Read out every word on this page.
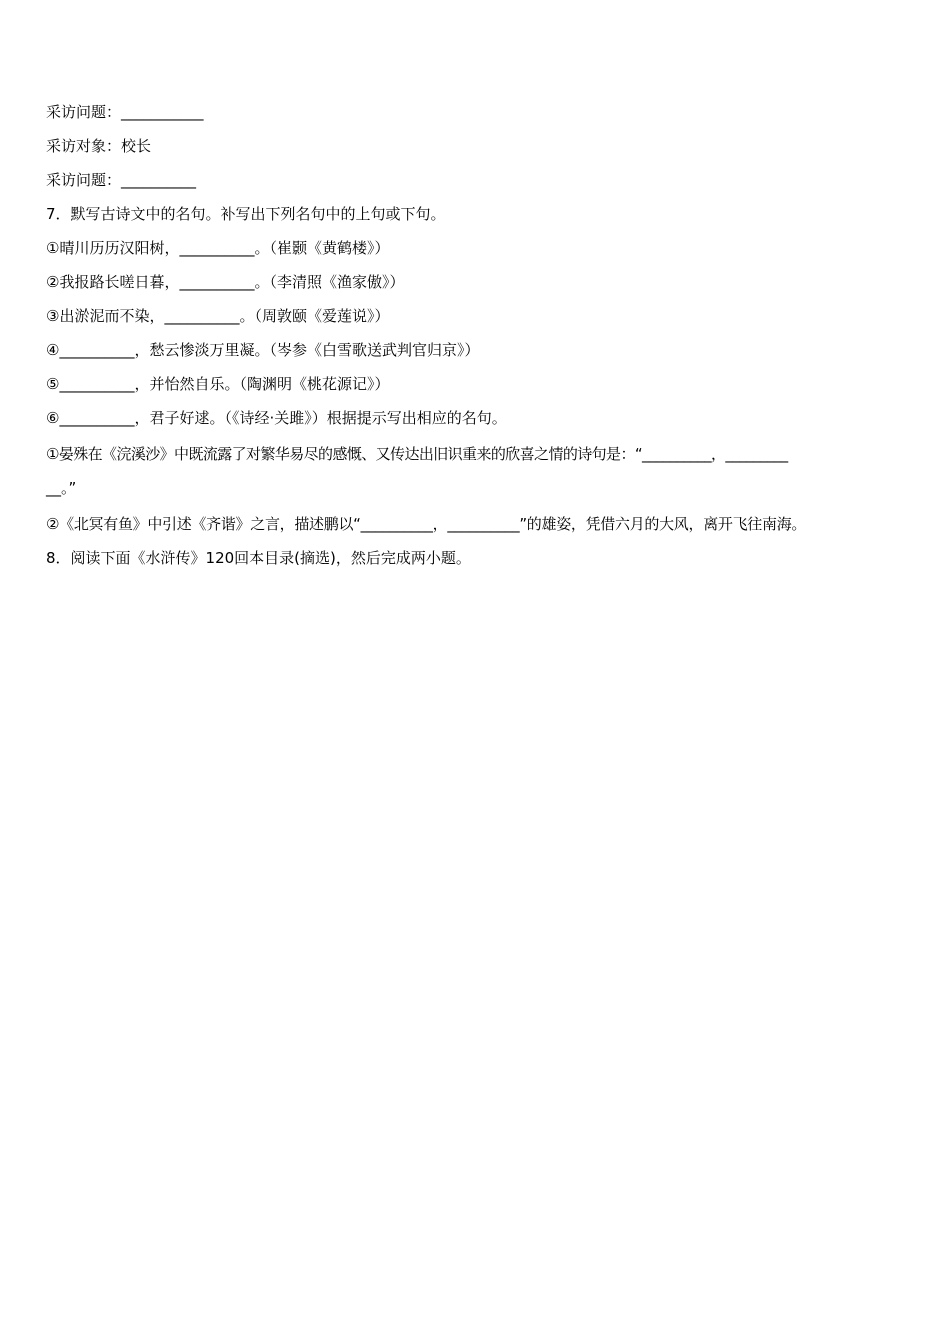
采访问题：___________
采访对象：校长
采访问题：__________
7．默写古诗文中的名句。补写出下列名句中的上句或下句。
①晴川历历汉阳树，__________。（崔颢《黄鹤楼》）
②我报路长嗟日暮，__________。（李清照《渔家傲》）
③出淤泥而不染，__________。（周敦颐《爱莲说》）
④__________，愁云惨淡万里凝。（岑参《白雪歌送武判官归京》）
⑤__________，并怡然自乐。（陶渊明《桃花源记》）
⑥__________，君子好逑。（《诗经·关雎》）根据提示写出相应的名句。
①晏殊在《浣溪沙》中既流露了对繁华易尽的感慨、又传达出旧识重来的欣喜之情的诗句是：“__________，_________
__。”
②《北冥有鱼》中引述《齐谐》之言，描述鹏以“__________，__________”的雄姿，凭借六月的大风，离开飞往南海。
8．阅读下面《水浒传》120回本目录(摘选)，然后完成两小题。
